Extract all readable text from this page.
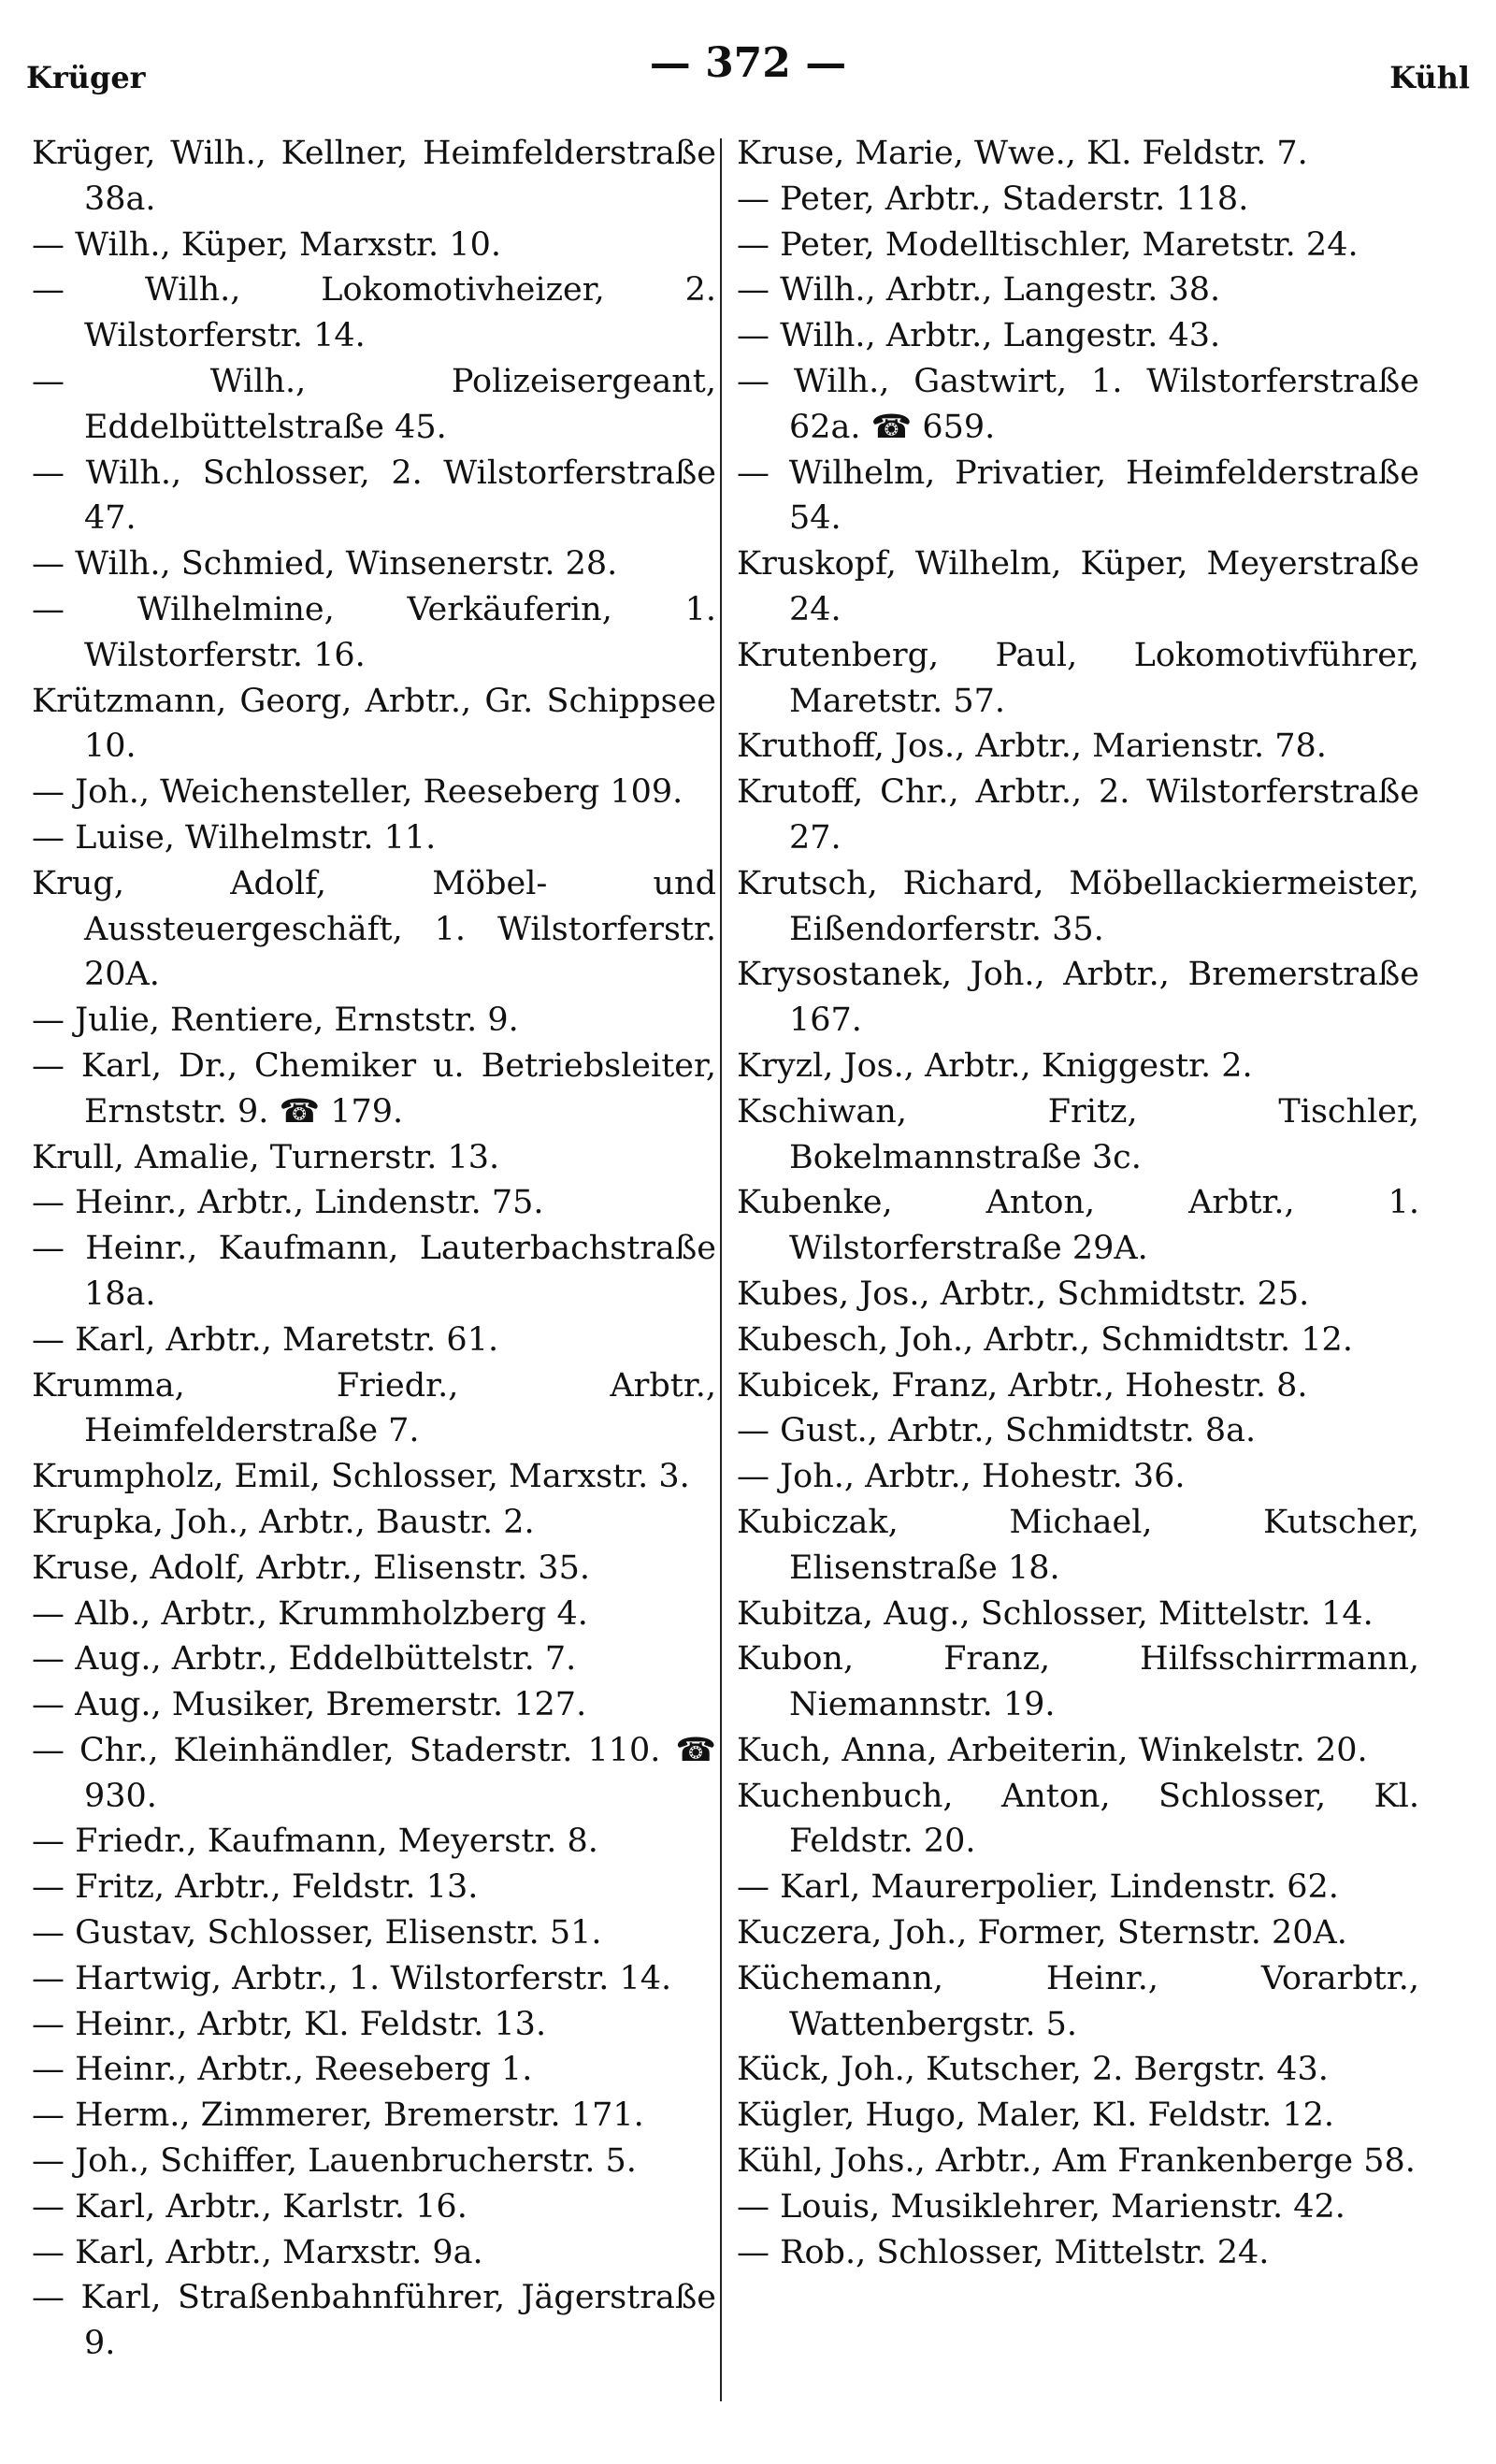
Krüger	— 372 —	Kühl
Krüger, Wilh., Kellner, Heimfelderstraße 38a.
— Wilh., Küper, Marxstr. 10.
— Wilh., Lokomotivheizer, 2. Wilstorferstr. 14.
— Wilh., Polizeisergeant, Eddelbüttelstraße 45.
— Wilh., Schlosser, 2. Wilstorferstraße 47.
— Wilh., Schmied, Winsenerstr. 28.
— Wilhelmine, Verkäuferin, 1. Wilstorferstr. 16.
Krützmann, Georg, Arbtr., Gr. Schippsee 10.
— Joh., Weichensteller, Reeseberg 109.
— Luise, Wilhelmstr. 11.
Krug, Adolf, Möbel- und Aussteuergeschäft, 1. Wilstorferstr. 20A.
— Julie, Rentiere, Ernststr. 9.
— Karl, Dr., Chemiker u. Betriebsleiter, Ernststr. 9. ☎ 179.
Krull, Amalie, Turnerstr. 13.
— Heinr., Arbtr., Lindenstr. 75.
— Heinr., Kaufmann, Lauterbachstraße 18a.
— Karl, Arbtr., Maretstr. 61.
Krumma, Friedr., Arbtr., Heimfelderstraße 7.
Krumpholz, Emil, Schlosser, Marxstr. 3.
Krupka, Joh., Arbtr., Baustr. 2.
Kruse, Adolf, Arbtr., Elisenstr. 35.
— Alb., Arbtr., Krummholzberg 4.
— Aug., Arbtr., Eddelbüttelstr. 7.
— Aug., Musiker, Bremerstr. 127.
— Chr., Kleinhändler, Staderstr. 110. ☎ 930.
— Friedr., Kaufmann, Meyerstr. 8.
— Fritz, Arbtr., Feldstr. 13.
— Gustav, Schlosser, Elisenstr. 51.
— Hartwig, Arbtr., 1. Wilstorferstr. 14.
— Heinr., Arbtr, Kl. Feldstr. 13.
— Heinr., Arbtr., Reeseberg 1.
— Herm., Zimmerer, Bremerstr. 171.
— Joh., Schiffer, Lauenbrucherstr. 5.
— Karl, Arbtr., Karlstr. 16.
— Karl, Arbtr., Marxstr. 9a.
— Karl, Straßenbahnführer, Jägerstraße 9.
Kruse, Marie, Wwe., Kl. Feldstr. 7.
— Peter, Arbtr., Staderstr. 118.
— Peter, Modelltischler, Maretstr. 24.
— Wilh., Arbtr., Langestr. 38.
— Wilh., Arbtr., Langestr. 43.
— Wilh., Gastwirt, 1. Wilstorferstraße 62a. ☎ 659.
— Wilhelm, Privatier, Heimfelderstraße 54.
Kruskopf, Wilhelm, Küper, Meyerstraße 24.
Krutenberg, Paul, Lokomotivführer, Maretstr. 57.
Kruthoff, Jos., Arbtr., Marienstr. 78.
Krutoff, Chr., Arbtr., 2. Wilstorferstraße 27.
Krutsch, Richard, Möbellackiermeister, Eißendorferstr. 35.
Krysostanek, Joh., Arbtr., Bremerstraße 167.
Kryzl, Jos., Arbtr., Kniggestr. 2.
Kschiwan, Fritz, Tischler, Bokelmannstraße 3c.
Kubenke, Anton, Arbtr., 1. Wilstorferstraße 29A.
Kubes, Jos., Arbtr., Schmidtstr. 25.
Kubesch, Joh., Arbtr., Schmidtstr. 12.
Kubicek, Franz, Arbtr., Hohestr. 8.
— Gust., Arbtr., Schmidtstr. 8a.
— Joh., Arbtr., Hohestr. 36.
Kubiczak, Michael, Kutscher, Elisenstraße 18.
Kubitza, Aug., Schlosser, Mittelstr. 14.
Kubon, Franz, Hilfsschirrmann, Niemannstr. 19.
Kuch, Anna, Arbeiterin, Winkelstr. 20.
Kuchenbuch, Anton, Schlosser, Kl. Feldstr. 20.
— Karl, Maurerpolier, Lindenstr. 62.
Kuczera, Joh., Former, Sternstr. 20A.
Küchemann, Heinr., Vorarbtr., Wattenbergstr. 5.
Kück, Joh., Kutscher, 2. Bergstr. 43.
Kügler, Hugo, Maler, Kl. Feldstr. 12.
Kühl, Johs., Arbtr., Am Frankenberge 58.
— Louis, Musiklehrer, Marienstr. 42.
— Rob., Schlosser, Mittelstr. 24.
